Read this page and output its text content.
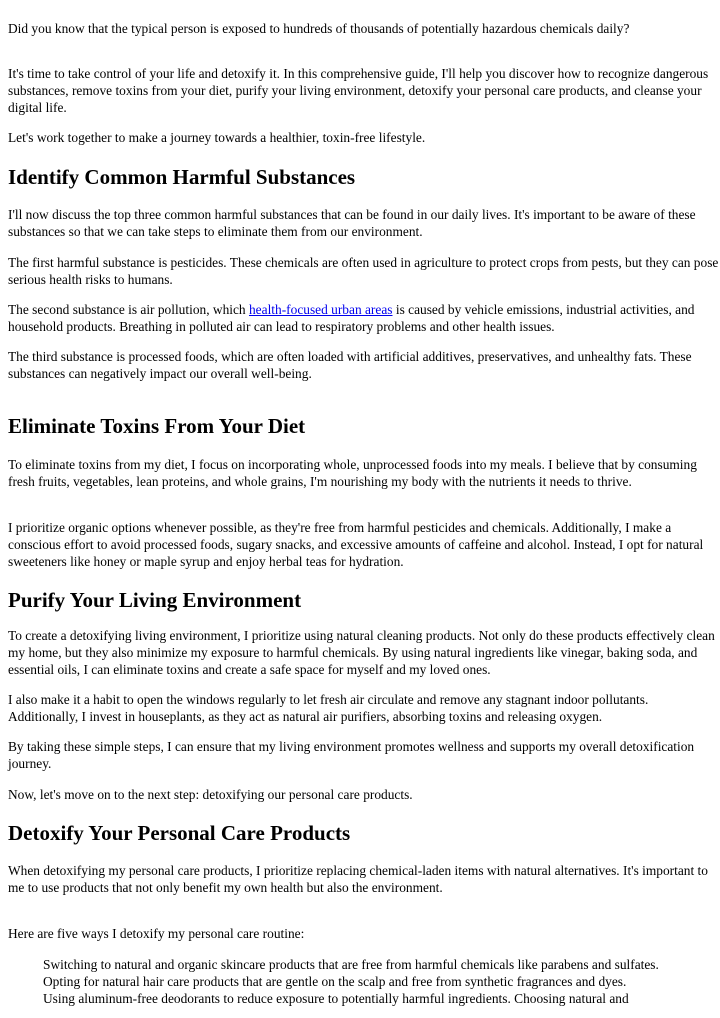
Did you know that the typical person is exposed to hundreds of thousands of potentially hazardous chemicals daily?

It's time to take control of your life and detoxify it. In this comprehensive guide, I'll help you discover how to recognize dangerous substances, remove toxins from your diet, purify your living environment, detoxify your personal care products, and cleanse your digital life.

Let's work together to make a journey towards a healthier, toxin-free lifestyle.

Identify Common Harmful Substances

I'll now discuss the top three common harmful substances that can be found in our daily lives. It's important to be aware of these substances so that we can take steps to eliminate them from our environment.

The first harmful substance is pesticides. These chemicals are often used in agriculture to protect crops from pests, but they can pose serious health risks to humans.

The second substance is air pollution, which health-focused urban areas is caused by vehicle emissions, industrial activities, and household products. Breathing in polluted air can lead to respiratory problems and other health issues.

The third substance is processed foods, which are often loaded with artificial additives, preservatives, and unhealthy fats. These substances can negatively impact our overall well-being.

Eliminate Toxins From Your Diet

To eliminate toxins from my diet, I focus on incorporating whole, unprocessed foods into my meals. I believe that by consuming fresh fruits, vegetables, lean proteins, and whole grains, I'm nourishing my body with the nutrients it needs to thrive.

I prioritize organic options whenever possible, as they're free from harmful pesticides and chemicals. Additionally, I make a conscious effort to avoid processed foods, sugary snacks, and excessive amounts of caffeine and alcohol. Instead, I opt for natural sweeteners like honey or maple syrup and enjoy herbal teas for hydration.

Purify Your Living Environment

To create a detoxifying living environment, I prioritize using natural cleaning products. Not only do these products effectively clean my home, but they also minimize my exposure to harmful chemicals. By using natural ingredients like vinegar, baking soda, and essential oils, I can eliminate toxins and create a safe space for myself and my loved ones.

I also make it a habit to open the windows regularly to let fresh air circulate and remove any stagnant indoor pollutants. Additionally, I invest in houseplants, as they act as natural air purifiers, absorbing toxins and releasing oxygen.

By taking these simple steps, I can ensure that my living environment promotes wellness and supports my overall detoxification journey.

Now, let's move on to the next step: detoxifying our personal care products.

Detoxify Your Personal Care Products

When detoxifying my personal care products, I prioritize replacing chemical-laden items with natural alternatives. It's important to me to use products that not only benefit my own health but also the environment.

Here are five ways I detoxify my personal care routine:

Switching to natural and organic skincare products that are free from harmful chemicals like parabens and sulfates.
Opting for natural hair care products that are gentle on the scalp and free from synthetic fragrances and dyes.
Using aluminum-free deodorants to reduce exposure to potentially harmful ingredients. Choosing natural and
